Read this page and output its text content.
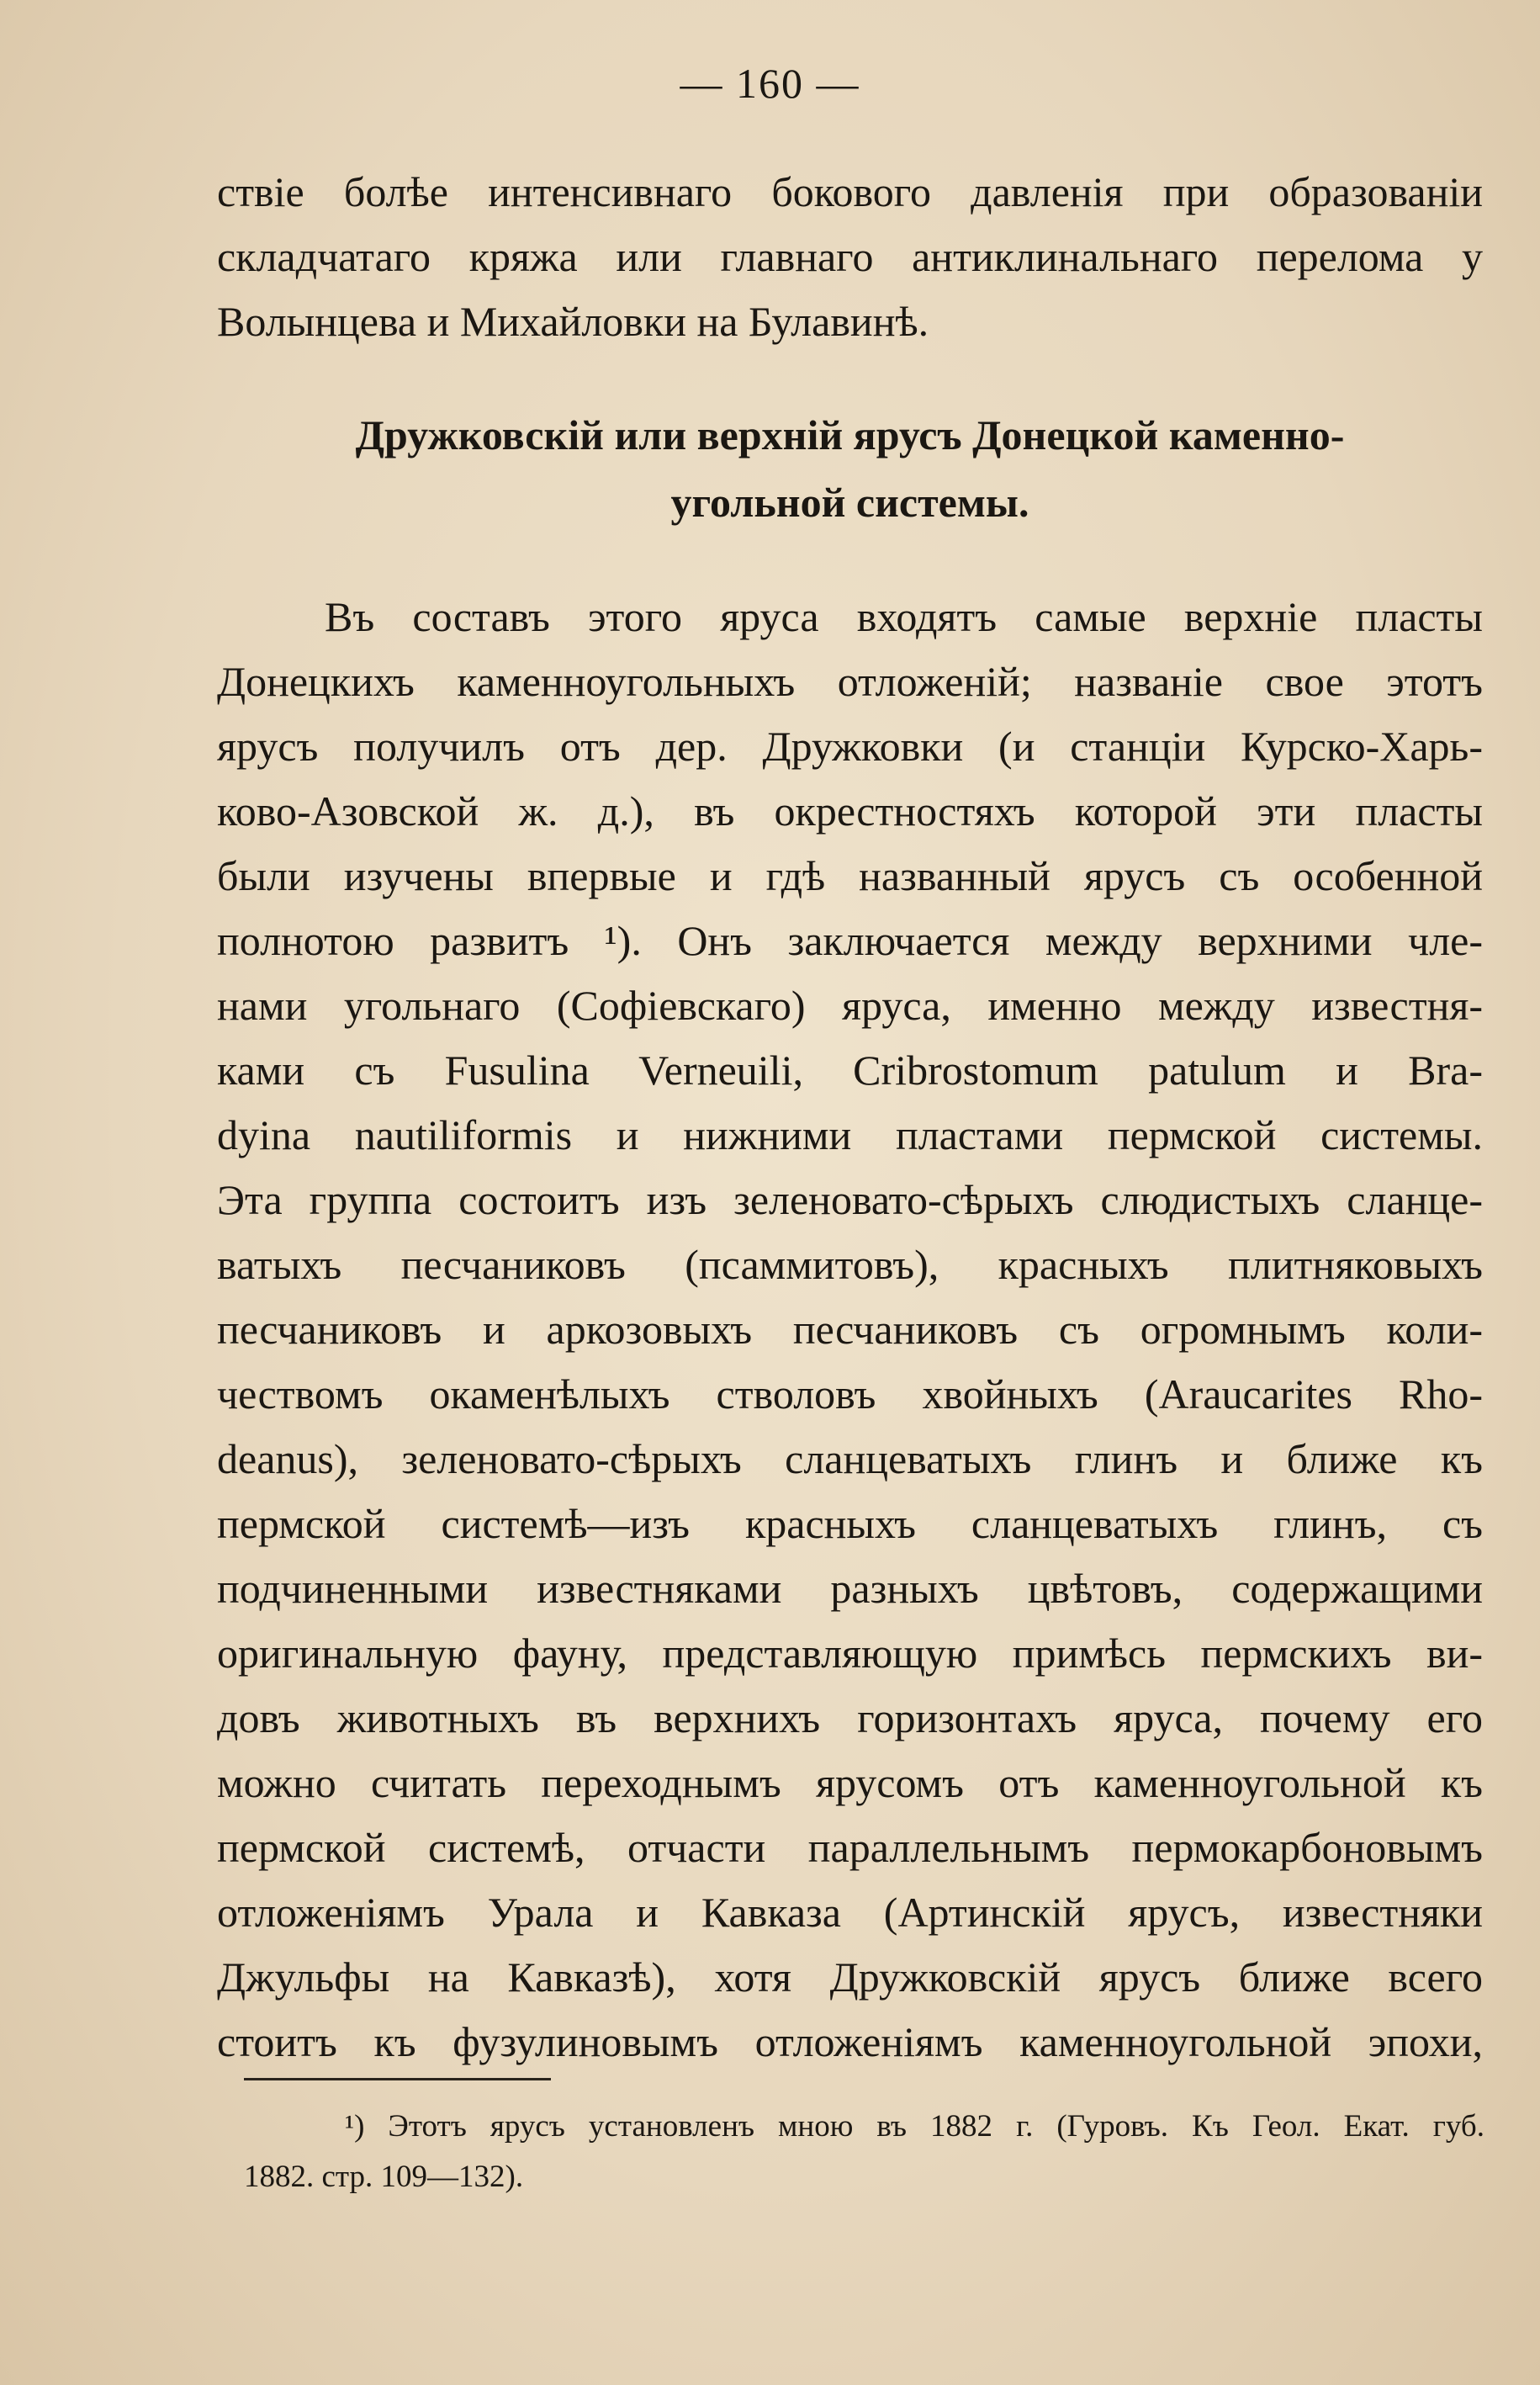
— 160 —
ствіе болѣе интенсивнаго бокового давленія при образованіи
складчатаго кряжа или главнаго антиклинальнаго перелома у
Волынцева и Михайловки на Булавинѣ.
Дружковскій или верхній ярусъ Донецкой каменно-
угольной системы.
Въ составъ этого яруса входятъ самые верхніе пласты
Донецкихъ каменноугольныхъ отложеній; названіе свое этотъ
ярусъ получилъ отъ дер. Дружковки (и станціи Курско-Харь-
ково-Азовской ж. д.), въ окрестностяхъ которой эти пласты
были изучены впервые и гдѣ названный ярусъ съ особенной
полнотою развитъ ¹). Онъ заключается между верхними чле-
нами угольнаго (Софіевскаго) яруса, именно между известня-
ками съ Fusulina Verneuili, Cribrostomum patulum и Bra-
dyina nautiliformis и нижними пластами пермской системы.
Эта группа состоитъ изъ зеленовато-сѣрыхъ слюдистыхъ сланце-
ватыхъ песчаниковъ (псаммитовъ), красныхъ плитняковыхъ
песчаниковъ и аркозовыхъ песчаниковъ съ огромнымъ коли-
чествомъ окаменѣлыхъ стволовъ хвойныхъ (Araucarites Rho-
deanus), зеленовато-сѣрыхъ сланцеватыхъ глинъ и ближе къ
пермской системѣ—изъ красныхъ сланцеватыхъ глинъ, съ
подчиненными известняками разныхъ цвѣтовъ, содержащими
оригинальную фауну, представляющую примѣсь пермскихъ ви-
довъ животныхъ въ верхнихъ горизонтахъ яруса, почему его
можно считать переходнымъ ярусомъ отъ каменноугольной къ
пермской системѣ, отчасти параллельнымъ пермокарбоновымъ
отложеніямъ Урала и Кавказа (Артинскій ярусъ, известняки
Джульфы на Кавказѣ), хотя Дружковскій ярусъ ближе всего
стоитъ къ фузулиновымъ отложеніямъ каменноугольной эпохи,
¹) Этотъ ярусъ установленъ мною въ 1882 г. (Гуровъ. Къ Геол. Екат. губ.
1882. стр. 109—132).
